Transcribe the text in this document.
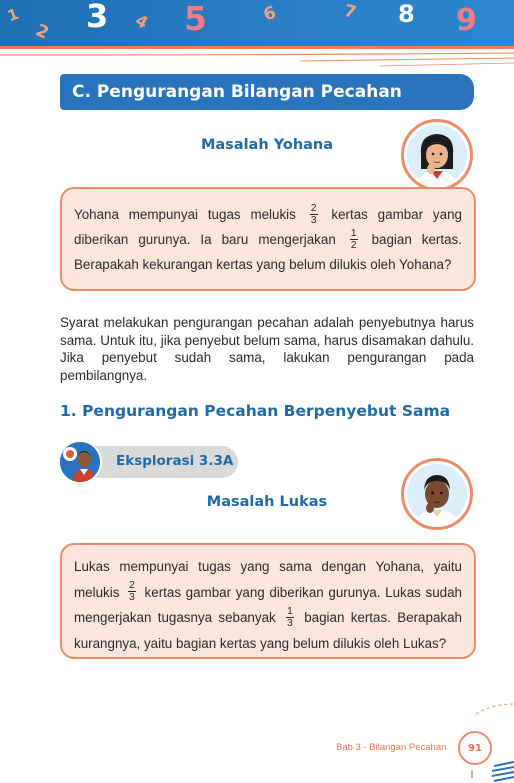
1
2 3 4 5	6	7 8 9
C. Pengurangan Bilangan Pecahan
Masalah Yohana
Yohana mempunyai tugas melukis $\frac{2}{3}$ kertas gambar yang diberikan gurunya. Ia baru mengerjakan $\frac{1}{2}$ bagian kertas. Berapakah kekurangan kertas yang belum dilukis oleh Yohana?

Syarat melakukan pengurangan pecahan adalah penyebutnya harus sama. Untuk itu, jika penyebut belum sama, harus disamakan dahulu. Jika penyebut sudah sama, lakukan pengurangan pada pembilangnya.

1. Pengurangan Pecahan Berpenyebut Sama
Eksplorasi 3.3A
Masalah Lukas
Lukas mempunyai tugas yang sama dengan Yohana, yaitu melukis $\frac{2}{3}$ kertas gambar yang diberikan gurunya. Lukas sudah mengerjakan tugasnya sebanyak $\frac{1}{3}$ bagian kertas. Berapakah kurangnya, yaitu bagian kertas yang belum dilukis oleh Lukas?
Bab 3 - Bilangan Pecahan	91
